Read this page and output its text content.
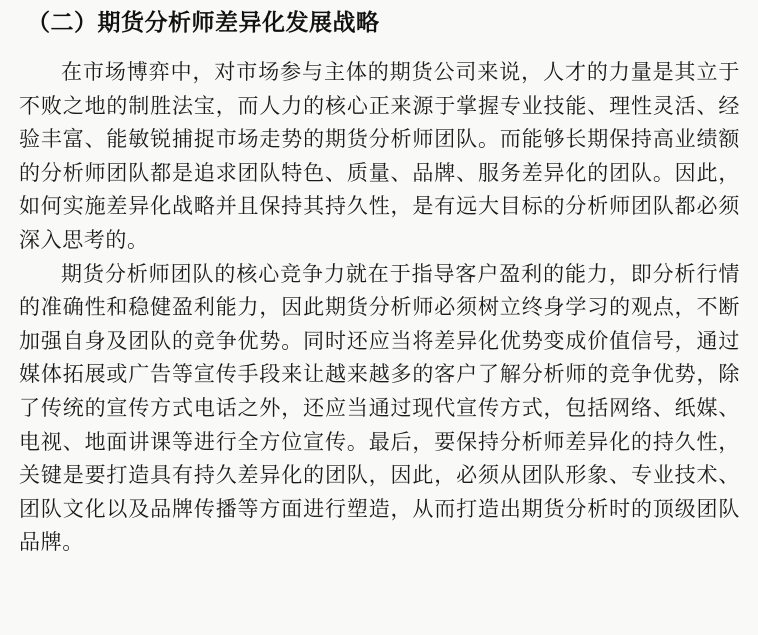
（二）期货分析师差异化发展战略

在市场博弈中，对市场参与主体的期货公司来说，人才的力量是其立于不败之地的制胜法宝，而人力的核心正来源于掌握专业技能、理性灵活、经验丰富、能敏锐捕捉市场走势的期货分析师团队。而能够长期保持高业绩额的分析师团队都是追求团队特色、质量、品牌、服务差异化的团队。因此，如何实施差异化战略并且保持其持久性，是有远大目标的分析师团队都必须深入思考的。

期货分析师团队的核心竞争力就在于指导客户盈利的能力，即分析行情的准确性和稳健盈利能力，因此期货分析师必须树立终身学习的观点，不断加强自身及团队的竞争优势。同时还应当将差异化优势变成价值信号，通过媒体拓展或广告等宣传手段来让越来越多的客户了解分析师的竞争优势，除了传统的宣传方式电话之外，还应当通过现代宣传方式，包括网络、纸媒、电视、地面讲课等进行全方位宣传。最后，要保持分析师差异化的持久性，关键是要打造具有持久差异化的团队，因此，必须从团队形象、专业技术、团队文化以及品牌传播等方面进行塑造，从而打造出期货分析时的顶级团队品牌。
